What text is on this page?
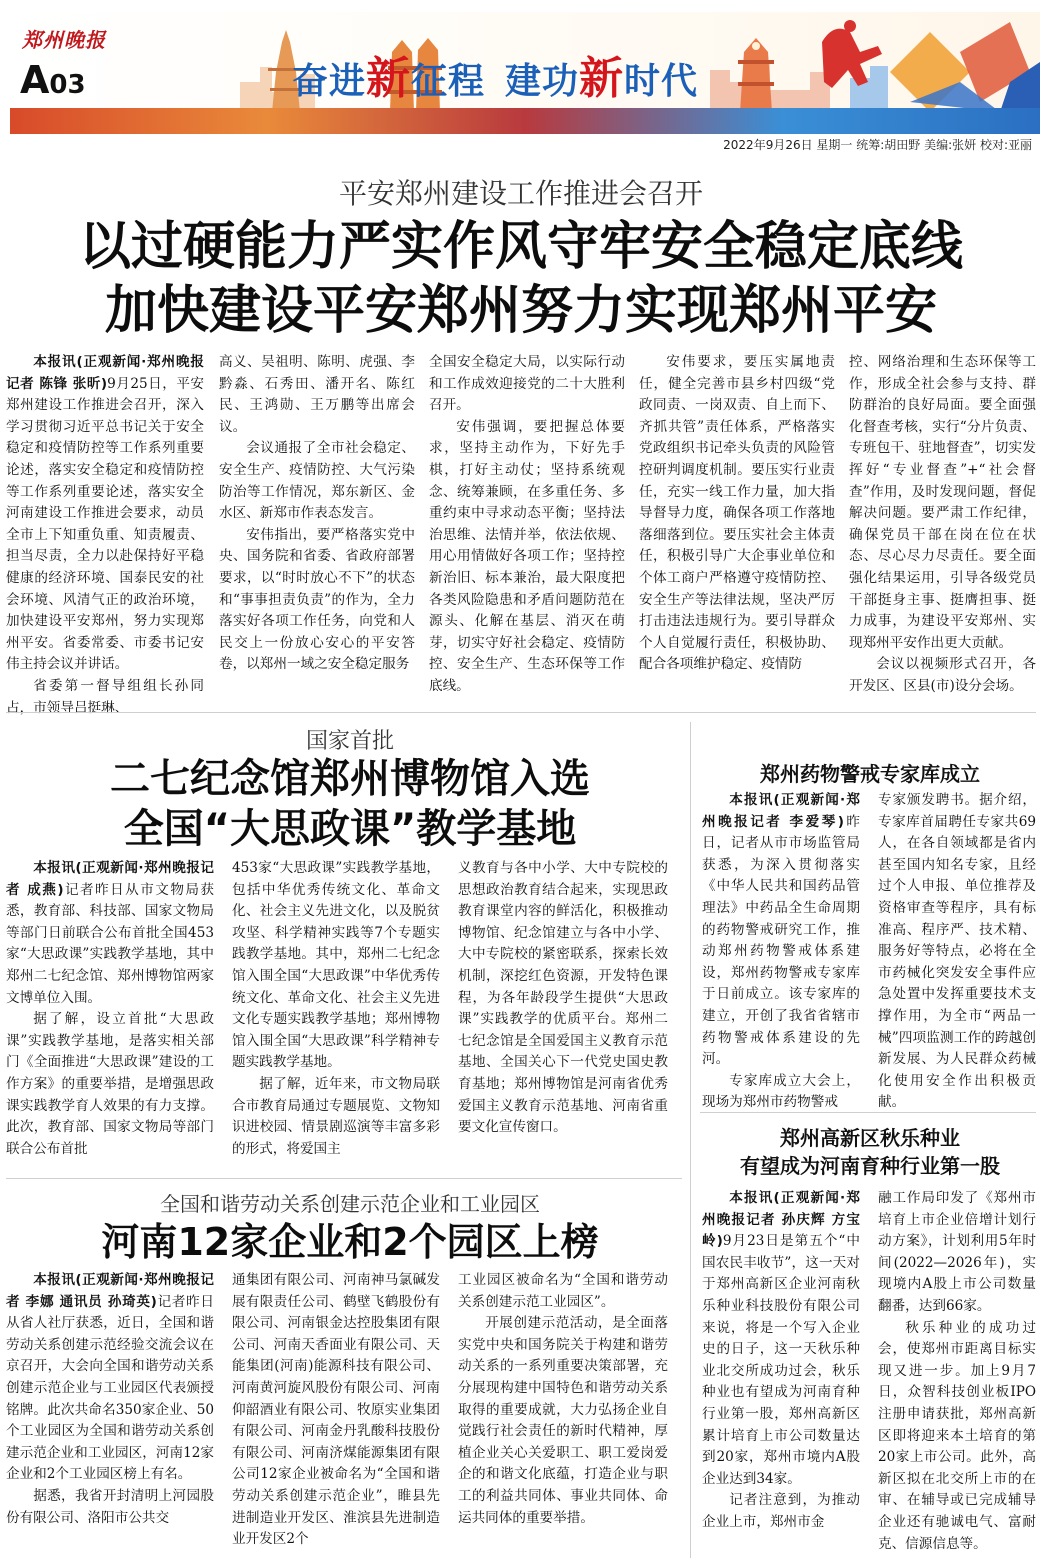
郑州晚报
A03	奋进新征程 建功新时代
2022年9月26日 星期一 统筹:胡田野 美编:张妍 校对:亚丽
平安郑州建设工作推进会召开
以过硬能力严实作风守牢安全稳定底线
加快建设平安郑州努力实现郑州平安

本报讯(正观新闻·郑州晚报记者 陈锋 张昕)9月25日，平安郑州建设工作推进会召开，深入学习贯彻习近平总书记关于安全稳定和疫情防控等工作系列重要论述，落实安全稳定和疫情防控等工作系列重要论述，落实安全河南建设工作推进会要求，动员全市上下知重负重、知责履责、担当尽责，全力以赴保持好平稳健康的经济环境、国泰民安的社会环境、风清气正的政治环境，加快建设平安郑州，努力实现郑州平安。省委常委、市委书记安伟主持会议并讲话。

省委第一督导组组长孙同占，市领导吕挺琳、

高义、吴祖明、陈明、虎强、李黔淼、石秀田、潘开名、陈红民、王鸿勋、王万鹏等出席会议。

会议通报了全市社会稳定、安全生产、疫情防控、大气污染防治等工作情况，郑东新区、金水区、新郑市作表态发言。

安伟指出，要严格落实党中央、国务院和省委、省政府部署要求，以“时时放心不下”的状态和“事事担责负责”的作为，全力落实好各项工作任务，向党和人民交上一份放心安心的平安答卷，以郑州一域之安全稳定服务

全国安全稳定大局，以实际行动和工作成效迎接党的二十大胜利召开。

安伟强调，要把握总体要求，坚持主动作为，下好先手棋，打好主动仗；坚持系统观念、统筹兼顾，在多重任务、多重约束中寻求动态平衡；坚持法治思维、法情并举，依法依规、用心用情做好各项工作；坚持控新治旧、标本兼治，最大限度把各类风险隐患和矛盾问题防范在源头、化解在基层、消灭在萌芽，切实守好社会稳定、疫情防控、安全生产、生态环保等工作底线。

安伟要求，要压实属地责任，健全完善市县乡村四级“党政同责、一岗双责、自上而下、齐抓共管”责任体系，严格落实党政组织书记牵头负责的风险管控研判调度机制。要压实行业责任，充实一线工作力量，加大指导督导力度，确保各项工作落地落细落到位。要压实社会主体责任，积极引导广大企事业单位和个体工商户严格遵守疫情防控、安全生产等法律法规，坚决严厉打击违法违规行为。要引导群众个人自觉履行责任，积极协助、配合各项维护稳定、疫情防

控、网络治理和生态环保等工作，形成全社会参与支持、群防群治的良好局面。要全面强化督查考核，实行“分片负责、专班包干、驻地督查”，切实发挥好“专业督查”+“社会督查”作用，及时发现问题，督促解决问题。要严肃工作纪律，确保党员干部在岗在位在状态、尽心尽力尽责任。要全面强化结果运用，引导各级党员干部挺身主事、挺膺担事、挺力成事，为建设平安郑州、实现郑州平安作出更大贡献。

会议以视频形式召开，各开发区、区县(市)设分会场。

国家首批
二七纪念馆郑州博物馆入选
全国“大思政课”教学基地

本报讯(正观新闻·郑州晚报记者 成燕)记者昨日从市文物局获悉，教育部、科技部、国家文物局等部门日前联合公布首批全国453家“大思政课”实践教学基地，其中郑州二七纪念馆、郑州博物馆两家文博单位入围。

据了解，设立首批“大思政课”实践教学基地，是落实相关部门《全面推进“大思政课”建设的工作方案》的重要举措，是增强思政课实践教学育人效果的有力支撑。此次，教育部、国家文物局等部门联合公布首批

453家“大思政课”实践教学基地，包括中华优秀传统文化、革命文化、社会主义先进文化，以及脱贫攻坚、科学精神实践等7个专题实践教学基地。其中，郑州二七纪念馆入围全国“大思政课”中华优秀传统文化、革命文化、社会主义先进文化专题实践教学基地；郑州博物馆入围全国“大思政课”科学精神专题实践教学基地。

据了解，近年来，市文物局联合市教育局通过专题展览、文物知识进校园、情景剧巡演等丰富多彩的形式，将爱国主

义教育与各中小学、大中专院校的思想政治教育结合起来，实现思政教育课堂内容的鲜活化，积极推动博物馆、纪念馆建立与各中小学、大中专院校的紧密联系，探索长效机制，深挖红色资源，开发特色课程，为各年龄段学生提供“大思政课”实践教学的优质平台。郑州二七纪念馆是全国爱国主义教育示范基地、全国关心下一代党史国史教育基地；郑州博物馆是河南省优秀爱国主义教育示范基地、河南省重要文化宣传窗口。

郑州药物警戒专家库成立

本报讯(正观新闻·郑州晚报记者 李爱琴)昨日，记者从市市场监管局获悉，为深入贯彻落实《中华人民共和国药品管理法》中药品全生命周期的药物警戒研究工作，推动郑州药物警戒体系建设，郑州药物警戒专家库于日前成立。该专家库的建立，开创了我省省辖市药物警戒体系建设的先河。

专家库成立大会上，现场为郑州市药物警戒

专家颁发聘书。据介绍，专家库首届聘任专家共69人，在各自领域都是省内甚至国内知名专家，且经过个人申报、单位推荐及资格审查等程序，具有标准高、程序严、技术精、服务好等特点，必将在全市药械化突发安全事件应急处置中发挥重要技术支撑作用，为全市“两品一械”四项监测工作的跨越创新发展、为人民群众药械化使用安全作出积极贡献。

郑州高新区秋乐种业
有望成为河南育种行业第一股

本报讯(正观新闻·郑州晚报记者 孙庆辉 方宝岭)9月23日是第五个“中国农民丰收节”，这一天对于郑州高新区企业河南秋乐种业科技股份有限公司来说，将是一个写入企业史的日子，这一天秋乐种业北交所成功过会，秋乐种业也有望成为河南育种行业第一股，郑州高新区累计培育上市公司数量达到20家，郑州市境内A股企业达到34家。

记者注意到，为推动企业上市，郑州市金

融工作局印发了《郑州市培育上市企业倍增计划行动方案》，计划利用5年时间(2022—2026年)，实现境内A股上市公司数量翻番，达到66家。

秋乐种业的成功过会，使郑州市距离目标实现又进一步。加上9月7日，众智科技创业板IPO注册申请获批，郑州高新区即将迎来本土培育的第20家上市公司。此外，高新区拟在北交所上市的在审、在辅导或已完成辅导企业还有驰诚电气、富耐克、信源信息等。

全国和谐劳动关系创建示范企业和工业园区
河南12家企业和2个园区上榜

本报讯(正观新闻·郑州晚报记者 李娜 通讯员 孙琦英)记者昨日从省人社厅获悉，近日，全国和谐劳动关系创建示范经验交流会议在京召开，大会向全国和谐劳动关系创建示范企业与工业园区代表颁授铭牌。此次共命名350家企业、50个工业园区为全国和谐劳动关系创建示范企业和工业园区，河南12家企业和2个工业园区榜上有名。

据悉，我省开封清明上河园股份有限公司、洛阳市公共交

通集团有限公司、河南神马氯碱发展有限责任公司、鹤壁飞鹤股份有限公司、河南银金达控股集团有限公司、河南天香面业有限公司、天能集团(河南)能源科技有限公司、河南黄河旋风股份有限公司、河南仰韶酒业有限公司、牧原实业集团有限公司、河南金丹乳酸科技股份有限公司、河南济煤能源集团有限公司12家企业被命名为“全国和谐劳动关系创建示范企业”，睢县先进制造业开发区、淮滨县先进制造业开发区2个

工业园区被命名为“全国和谐劳动关系创建示范工业园区”。

开展创建示范活动，是全面落实党中央和国务院关于构建和谐劳动关系的一系列重要决策部署，充分展现构建中国特色和谐劳动关系取得的重要成就，大力弘扬企业自觉践行社会责任的新时代精神，厚植企业关心关爱职工、职工爱岗爱企的和谐文化底蕴，打造企业与职工的利益共同体、事业共同体、命运共同体的重要举措。
